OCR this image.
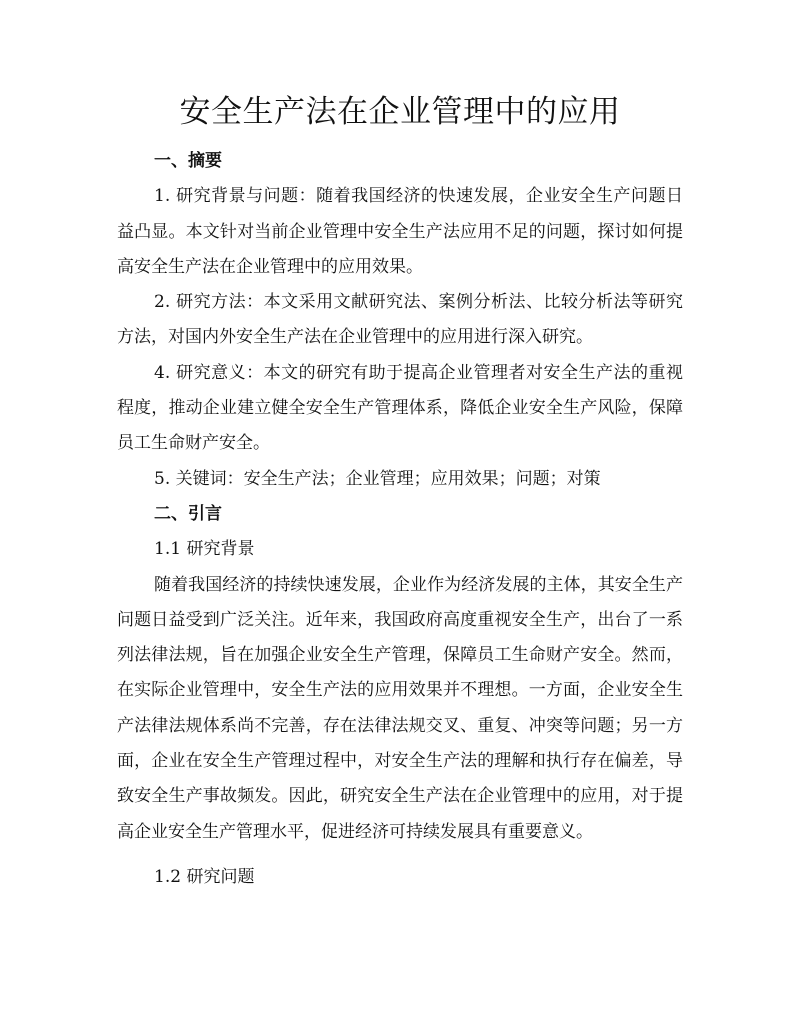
安全生产法在企业管理中的应用

一、摘要

1. 研究背景与问题：随着我国经济的快速发展，企业安全生产问题日益凸显。本文针对当前企业管理中安全生产法应用不足的问题，探讨如何提高安全生产法在企业管理中的应用效果。

2. 研究方法：本文采用文献研究法、案例分析法、比较分析法等研究方法，对国内外安全生产法在企业管理中的应用进行深入研究。

4. 研究意义：本文的研究有助于提高企业管理者对安全生产法的重视程度，推动企业建立健全安全生产管理体系，降低企业安全生产风险，保障员工生命财产安全。

5. 关键词：安全生产法；企业管理；应用效果；问题；对策

二、引言

1.1 研究背景

随着我国经济的持续快速发展，企业作为经济发展的主体，其安全生产问题日益受到广泛关注。近年来，我国政府高度重视安全生产，出台了一系列法律法规，旨在加强企业安全生产管理，保障员工生命财产安全。然而，在实际企业管理中，安全生产法的应用效果并不理想。一方面，企业安全生产法律法规体系尚不完善，存在法律法规交叉、重复、冲突等问题；另一方面，企业在安全生产管理过程中，对安全生产法的理解和执行存在偏差，导致安全生产事故频发。因此，研究安全生产法在企业管理中的应用，对于提高企业安全生产管理水平，促进经济可持续发展具有重要意义。

1.2 研究问题
